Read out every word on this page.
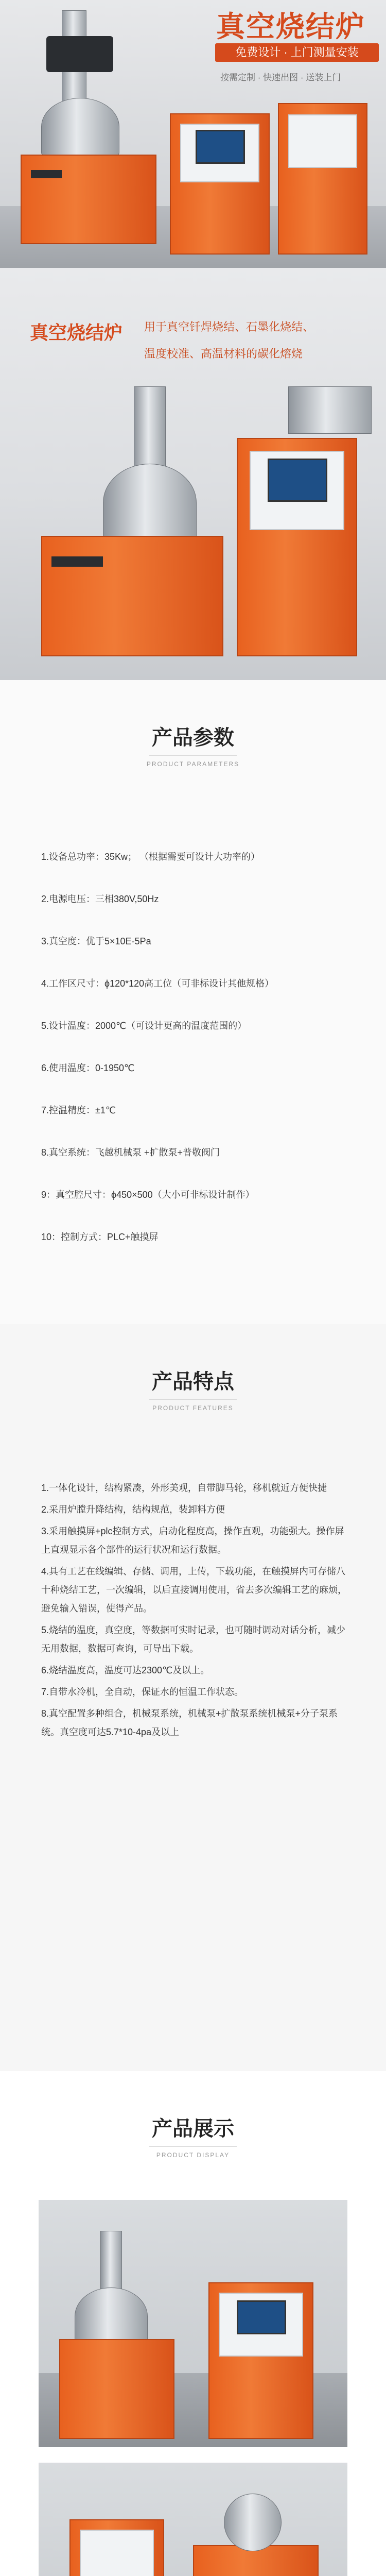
真空烧结炉
免费设计 · 上门测量安装
按需定制 · 快速出图 · 送装上门
真空烧结炉 用于真空钎焊烧结、石墨化烧结、
温度校准、高温材料的碳化熔烧
产品参数
PRODUCT PARAMETERS
1.设备总功率：35Kw； （根据需要可设计大功率的）
2.电源电压：三相380V,50Hz
3.真空度：优于5×10E-5Pa
4.工作区尺寸：ϕ120*120高工位（可非标设计其他规格）
5.设计温度：2000℃（可设计更高的温度范围的）
6.使用温度：0-1950℃
7.控温精度：±1℃
8.真空系统：飞越机械泵 +扩散泵+普敬阀门
9：真空腔尺寸：ϕ450×500（大小可非标设计制作）
10：控制方式：PLC+触摸屏
产品特点
PRODUCT FEATURES

1.一体化设计，结构紧凑，外形美观，自带脚马轮，移机就近方便快捷

2.采用炉膛升降结构，结构规范，装卸料方便

3.采用触摸屏+plc控制方式，启动化程度高，操作直观，功能强大。操作屏上直观显示各个部件的运行状况和运行数据。

4.具有工艺在线编辑、存储、调用，上传，下载功能，在触摸屏内可存储八十种烧结工艺，一次编辑，以后直接调用使用，省去多次编辑工艺的麻烦，避免输入错误，使得产品。

5.烧结的温度，真空度，等数据可实时记录，也可随时调动对话分析，减少无用数据，数据可查询，可导出下载。

6.烧结温度高，温度可达2300℃及以上。

7.自带水冷机，全自动，保证水的恒温工作状态。

8.真空配置多种组合，机械泵系统，机械泵+扩散泵系统机械泵+分子泵系统。真空度可达5.7*10-4pa及以上

产品展示
PRODUCT DISPLAY
